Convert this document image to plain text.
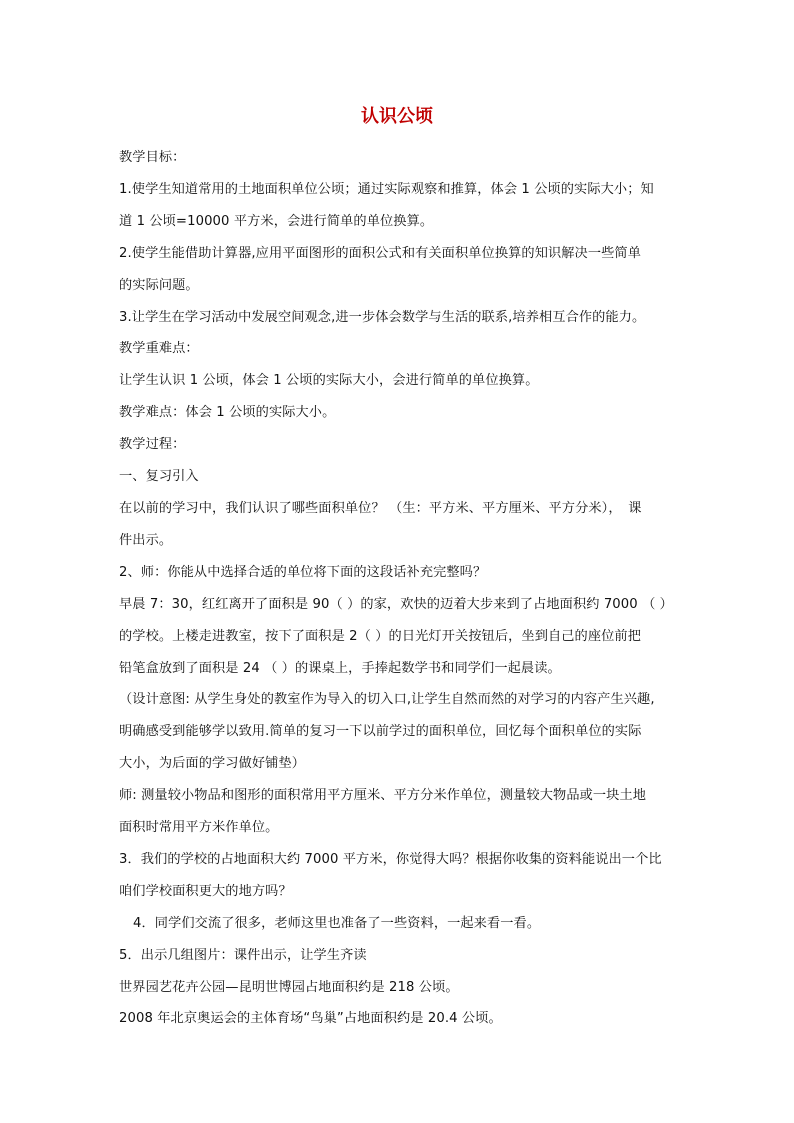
认识公顷

教学目标：

1.使学生知道常用的土地面积单位公顷；通过实际观察和推算，体会 1 公顷的实际大小；知

道 1 公顷=10000 平方米，会进行简单的单位换算。

2.使学生能借助计算器,应用平面图形的面积公式和有关面积单位换算的知识解决一些简单

的实际问题。

3.让学生在学习活动中发展空间观念,进一步体会数学与生活的联系,培养相互合作的能力。

教学重难点：

让学生认识 1 公顷，体会 1 公顷的实际大小，会进行简单的单位换算。

教学难点：体会 1 公顷的实际大小。

教学过程：

一、复习引入

在以前的学习中，我们认识了哪些面积单位？ （生：平方米、平方厘米、平方分米），　课

件出示。

2、师：你能从中选择合适的单位将下面的这段话补充完整吗？

早晨 7：30，红红离开了面积是 90（ ）的家，欢快的迈着大步来到了占地面积约 7000 （ ）

的学校。上楼走进教室，按下了面积是 2（ ）的日光灯开关按钮后，坐到自己的座位前把

铅笔盒放到了面积是 24 （ ）的课桌上，手捧起数学书和同学们一起晨读。

（设计意图: 从学生身处的教室作为导入的切入口,让学生自然而然的对学习的内容产生兴趣,

明确感受到能够学以致用.简单的复习一下以前学过的面积单位，回忆每个面积单位的实际

大小，为后面的学习做好铺垫）

师: 测量较小物品和图形的面积常用平方厘米、平方分米作单位，测量较大物品或一块土地

面积时常用平方米作单位。

3．我们的学校的占地面积大约 7000 平方米，你觉得大吗？根据你收集的资料能说出一个比

咱们学校面积更大的地方吗？

4．同学们交流了很多，老师这里也准备了一些资料，一起来看一看。

5．出示几组图片：课件出示，让学生齐读

世界园艺花卉公园—昆明世博园占地面积约是 218 公顷。

2008 年北京奥运会的主体育场“鸟巢”占地面积约是 20.4 公顷。
